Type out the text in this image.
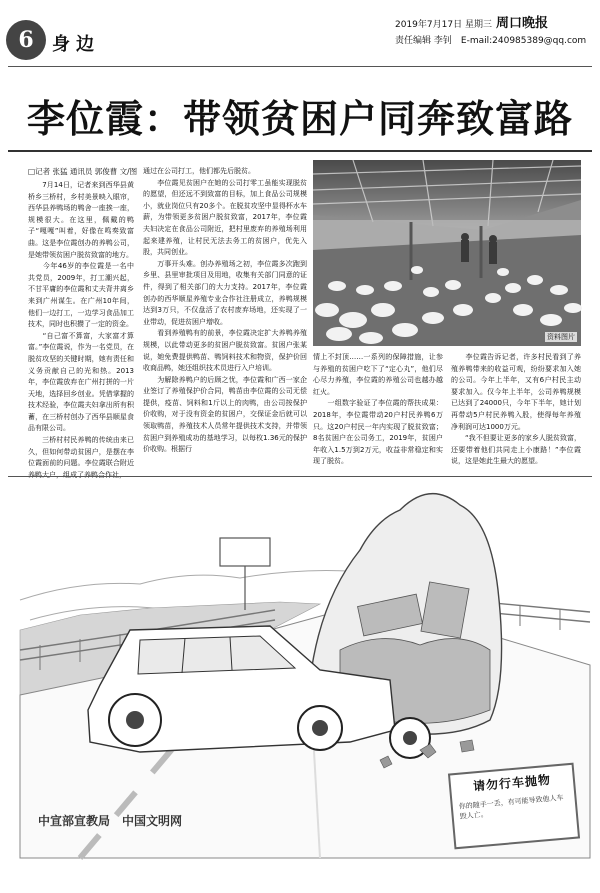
6	身边
2019年7月17日 星期三 周口晚报
责任编辑 李钊　 E-mail:240985389@qq.com
李位霞：带领贫困户同奔致富路
□记者 张猛 通讯员 郭俊曹 文/图
　　7月14日，记者来到西华县黄桥乡三桥村，乡村美景映入眼帘，西华县养鸭场的鸭舍一座挨一座，规模很大。在这里，佩戴的鸭子“嘎嘎”叫着，好像在鸣奏致富曲。这是李位霞创办的养鸭公司，是她带领贫困户脱贫致富的地方。
　　今年46岁的李位霞是一名中共党员，2009年，打工潮兴起，不甘平庸的李位霞和丈夫背井离乡来到广州谋生。在广州10年间，他们一边打工，一边学习食品加工技术，同时也积攒了一定的资金。
　　“自己富不算富，大家富才算富。”李位霞说，作为一名党员，在脱贫攻坚的关键时期，她有责任和义务贡献自己的光和热。2013年，李位霞放弃在广州打拼的一片天地，选择回乡创业。凭借掌握的技术经验，李位霞夫妇拿出所有积蓄，在三桥村创办了西华县顺星食品有限公司。
　　三桥村村民养鸭的传统由来已久，但如何带动贫困户，是摆在李位霞面前的问题。李位霞联合附近养鸭大户，组成了养鸭合作社，
通过在公司打工，他们都先后脱贫。
　　李位霞见贫困户在她的公司打零工虽能实现脱贫的愿望，但还远不到致富的目标，加上食品公司规模小，就业岗位只有20多个。在脱贫攻坚中显得杯水车薪，为带领更多贫困户脱贫致富，2017年，李位霞夫妇决定在食品公司附近，把村里废弃的养殖场利用起来建养殖，让村民无法去务工的贫困户，优先入股，共同创业。
　　万事开头难。创办养殖场之初，李位霞多次跑到乡里、县里审批项目及用地，收集有关部门同意的证件，得到了相关部门的大力支持。2017年，李位霞创办的西华顺星养殖专业合作社注册成立，养鸭规模达到3万只，不仅盘活了农村废弃场地，还实现了一业带动，促进贫困户增收。
　　看到养殖鸭有的前景，李位霞决定扩大养鸭养殖规模，以此带动更多的贫困户脱贫致富。贫困户张某说，她免费提供鸭苗、鸭饲料技术和物资，保护价回收商品鸭，她还组织技术员进行入户培训。
　　为解除养鸭户的后顾之忧，李位霞和广西一家企业签订了养殖保护价合同，鸭苗由李位霞的公司无偿提供，疫苗、饲料和1斤以上的肉鸭，由公司按保护价收购，对于没有资金的贫困户，交保证金后就可以领取鸭苗，养殖技术人员常年提供技术支持，并带领贫困户到养殖成功的基地学习，以每枚1.36元的保护价收购。根据行
资料图片
情上不封顶……一系列的保障措施，让参与养殖的贫困户吃下了“定心丸”，他们尽心尽力养殖，李位霞的养殖公司也越办越红火。
　　一组数字验证了李位霞的帮扶成果：2018年，李位霞带动20户村民养鸭6万只。这20户村民一年内实现了脱贫致富；8名贫困户在公司务工，2019年，贫困户年收入1.5万到2万元，收益非常稳定和实现了脱贫。
　　李位霞告诉记者，许多村民看到了养殖养鸭带来的收益可观，纷纷要求加入她的公司。今年上半年，又有6户村民主动要求加入。仅今年上半年，公司养鸭规模已达到了24000只，今年下半年，她计划再带动5户村民养鸭入股，使得每年养殖净利润可达1000万元。
　　“我不但要让更多的家乡人脱贫致富，还要带着他们共同走上小康路！”李位霞说，这是她此生最大的愿望。
中宣部宣教局　中国文明网
请勿行车抛物
你的随手一丢，有可能导致他人车毁人亡。
